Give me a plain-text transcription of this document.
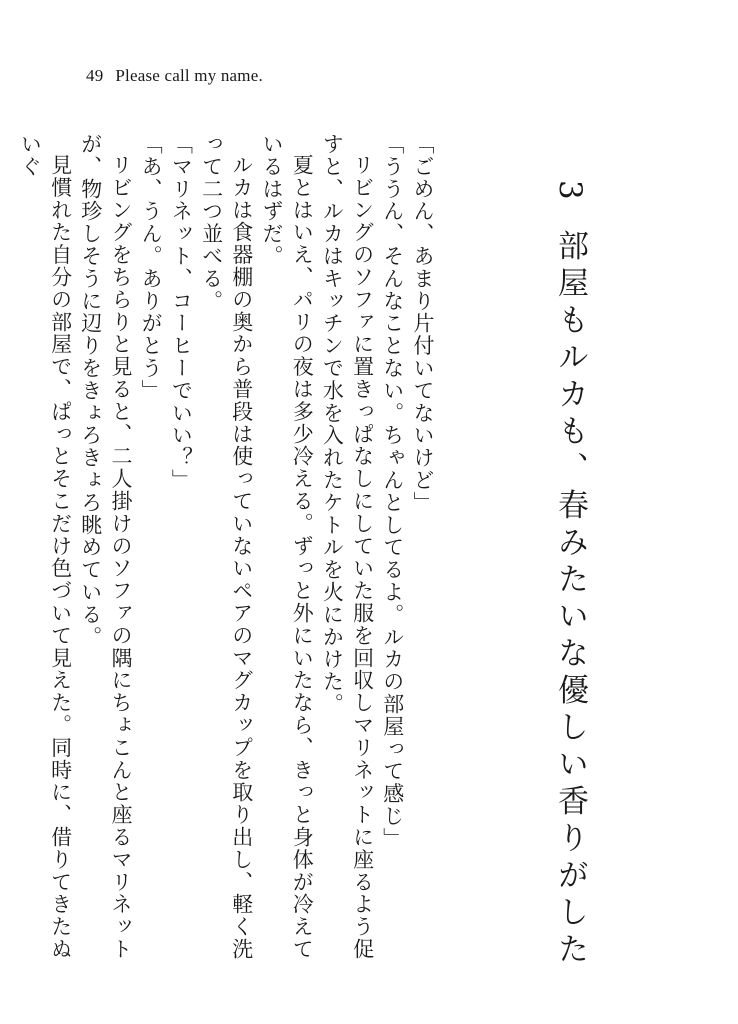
49 Please call my name.
3部屋もルカも、春みたいな優しい香りがした

「ごめん、あまり片付いてないけど」

「ううん、そんなことない。ちゃんとしてるよ。ルカの部屋って感じ」

リビングのソファに置きっぱなしにしていた服を回収しマリネットに座るよう促すと、ルカはキッチンで水を入れたケトルを火にかけた。

夏とはいえ、パリの夜は多少冷える。ずっと外にいたなら、きっと身体が冷えているはずだ。

ルカは食器棚の奥から普段は使っていないペアのマグカップを取り出し、軽く洗って二つ並べる。

「マリネット、コーヒーでいい？」

「あ、うん。ありがとう」

リビングをちらりと見ると、二人掛けのソファの隅にちょこんと座るマリネットが、物珍しそうに辺りをきょろきょろ眺めている。

見慣れた自分の部屋で、ぱっとそこだけ色づいて見えた。同時に、借りてきたぬいぐ
